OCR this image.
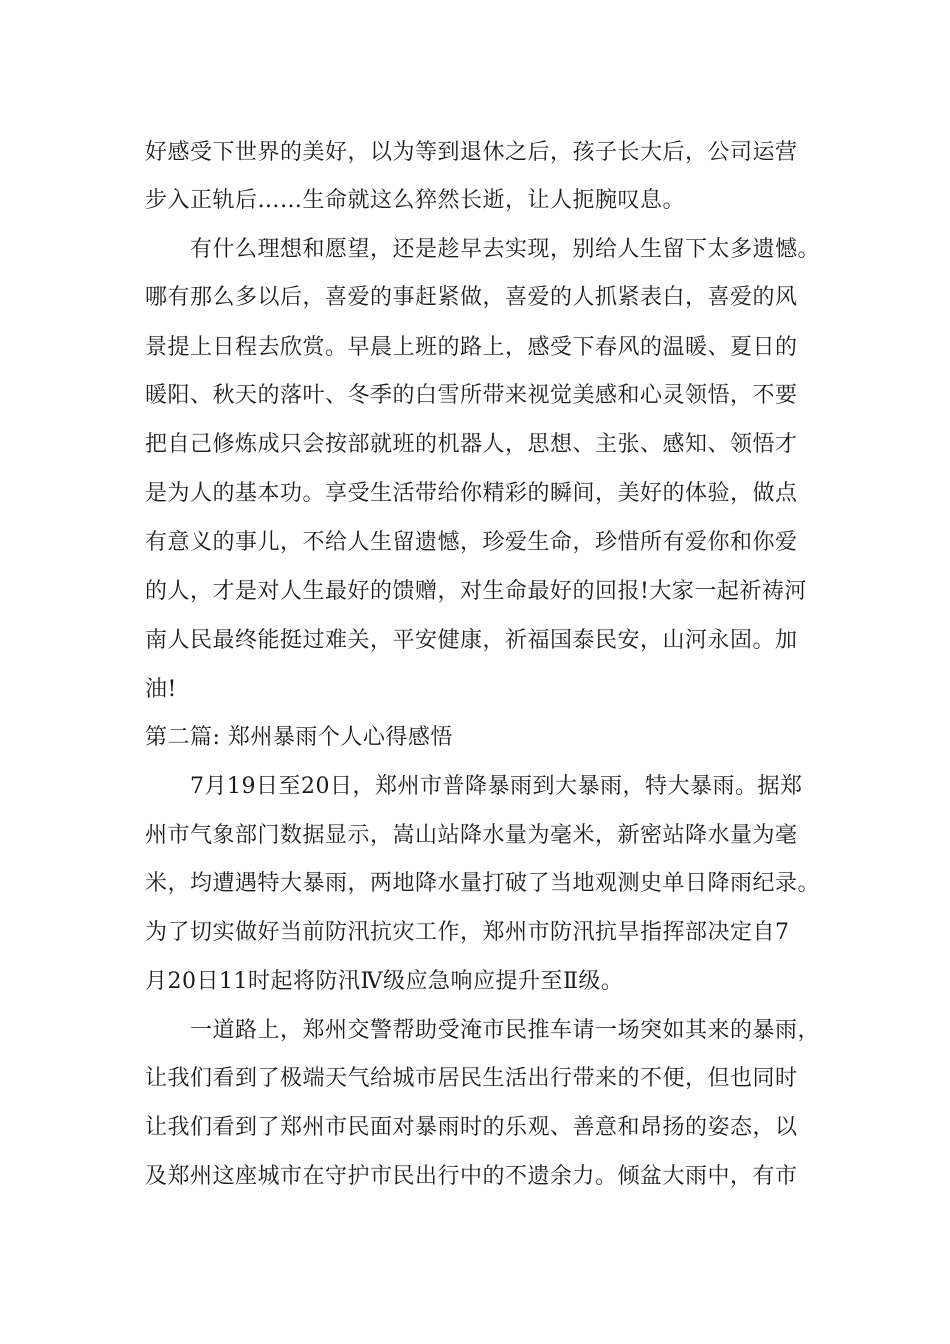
好感受下世界的美好，以为等到退休之后，孩子长大后，公司运营

步入正轨后……生命就这么猝然长逝，让人扼腕叹息。

有什么理想和愿望，还是趁早去实现，别给人生留下太多遗憾。

哪有那么多以后，喜爱的事赶紧做，喜爱的人抓紧表白，喜爱的风

景提上日程去欣赏。早晨上班的路上，感受下春风的温暖、夏日的

暖阳、秋天的落叶、冬季的白雪所带来视觉美感和心灵领悟，不要

把自己修炼成只会按部就班的机器人，思想、主张、感知、领悟才

是为人的基本功。享受生活带给你精彩的瞬间，美好的体验，做点

有意义的事儿，不给人生留遗憾，珍爱生命，珍惜所有爱你和你爱

的人，才是对人生最好的馈赠，对生命最好的回报!大家一起祈祷河

南人民最终能挺过难关，平安健康，祈福国泰民安，山河永固。加

油!

第二篇: 郑州暴雨个人心得感悟

7月19日至20日，郑州市普降暴雨到大暴雨，特大暴雨。据郑

州市气象部门数据显示，嵩山站降水量为毫米，新密站降水量为毫

米，均遭遇特大暴雨，两地降水量打破了当地观测史单日降雨纪录。

为了切实做好当前防汛抗灾工作，郑州市防汛抗旱指挥部决定自7

月20日11时起将防汛Ⅳ级应急响应提升至Ⅱ级。

一道路上，郑州交警帮助受淹市民推车请一场突如其来的暴雨，

让我们看到了极端天气给城市居民生活出行带来的不便，但也同时

让我们看到了郑州市民面对暴雨时的乐观、善意和昂扬的姿态，以

及郑州这座城市在守护市民出行中的不遗余力。倾盆大雨中，有市
